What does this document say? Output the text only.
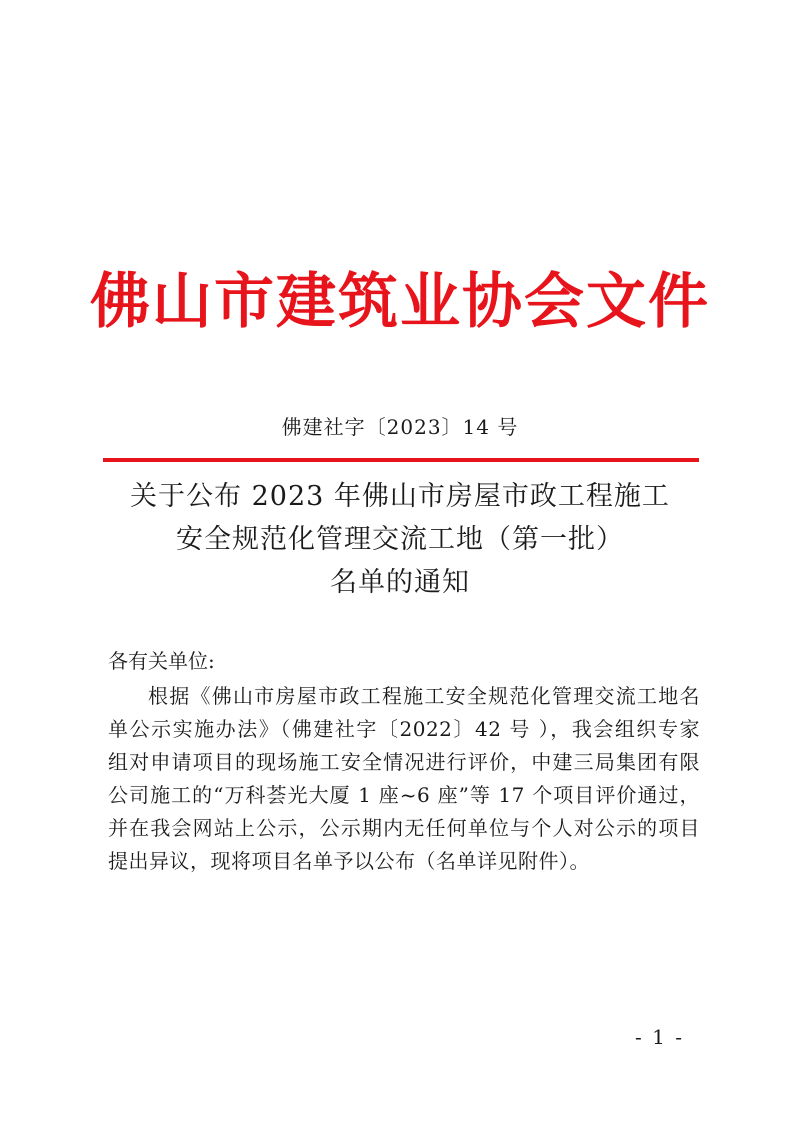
佛山市建筑业协会文件
佛建社字〔2023〕14 号
关于公布 2023 年佛山市房屋市政工程施工
安全规范化管理交流工地（第一批）
名单的通知
各有关单位:
根据《佛山市房屋市政工程施工安全规范化管理交流工地名
单公示实施办法》（佛建社字〔2022〕42 号 ），我会组织专家
组对申请项目的现场施工安全情况进行评价，中建三局集团有限
公司施工的“万科荟光大厦 1 座~6 座”等 17 个项目评价通过，
并在我会网站上公示，公示期内无任何单位与个人对公示的项目
提出异议，现将项目名单予以公布（名单详见附件）。
- 1 -
